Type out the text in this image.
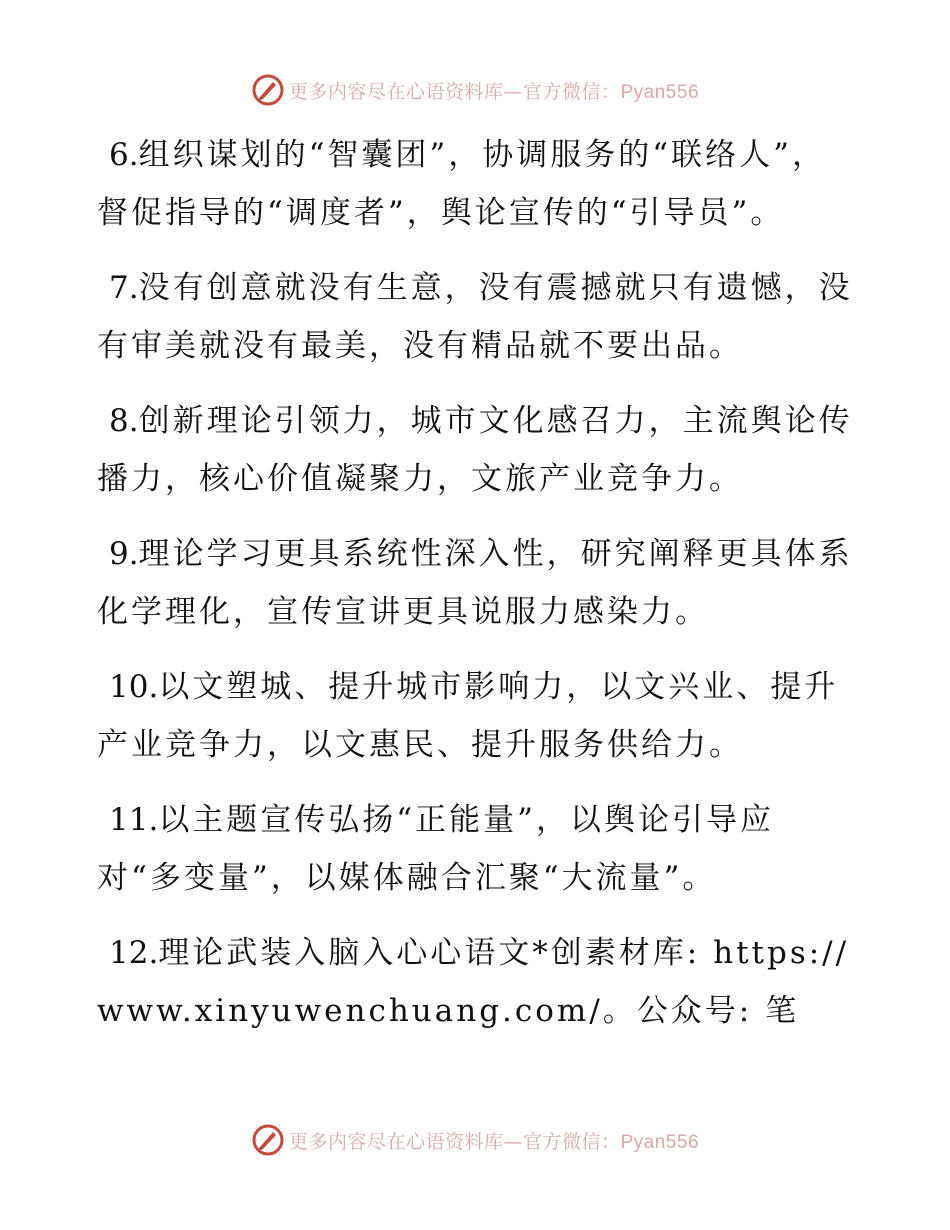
更多内容尽在心语资料库—官方微信：Pyan556

6.组织谋划的“智囊团”，协调服务的“联络人”，督促指导的“调度者”，舆论宣传的“引导员”。

7.没有创意就没有生意，没有震撼就只有遗憾，没有审美就没有最美，没有精品就不要出品。

8.创新理论引领力，城市文化感召力，主流舆论传播力，核心价值凝聚力，文旅产业竞争力。

9.理论学习更具系统性深入性，研究阐释更具体系化学理化，宣传宣讲更具说服力感染力。

10.以文塑城、提升城市影响力，以文兴业、提升产业竞争力，以文惠民、提升服务供给力。

11.以主题宣传弘扬“正能量”，以舆论引导应对“多变量”，以媒体融合汇聚“大流量”。

12.理论武装入脑入心心语文*创素材库: https://www.xinyuwenchuang.com/。公众号: 笔

更多内容尽在心语资料库—官方微信：Pyan556
